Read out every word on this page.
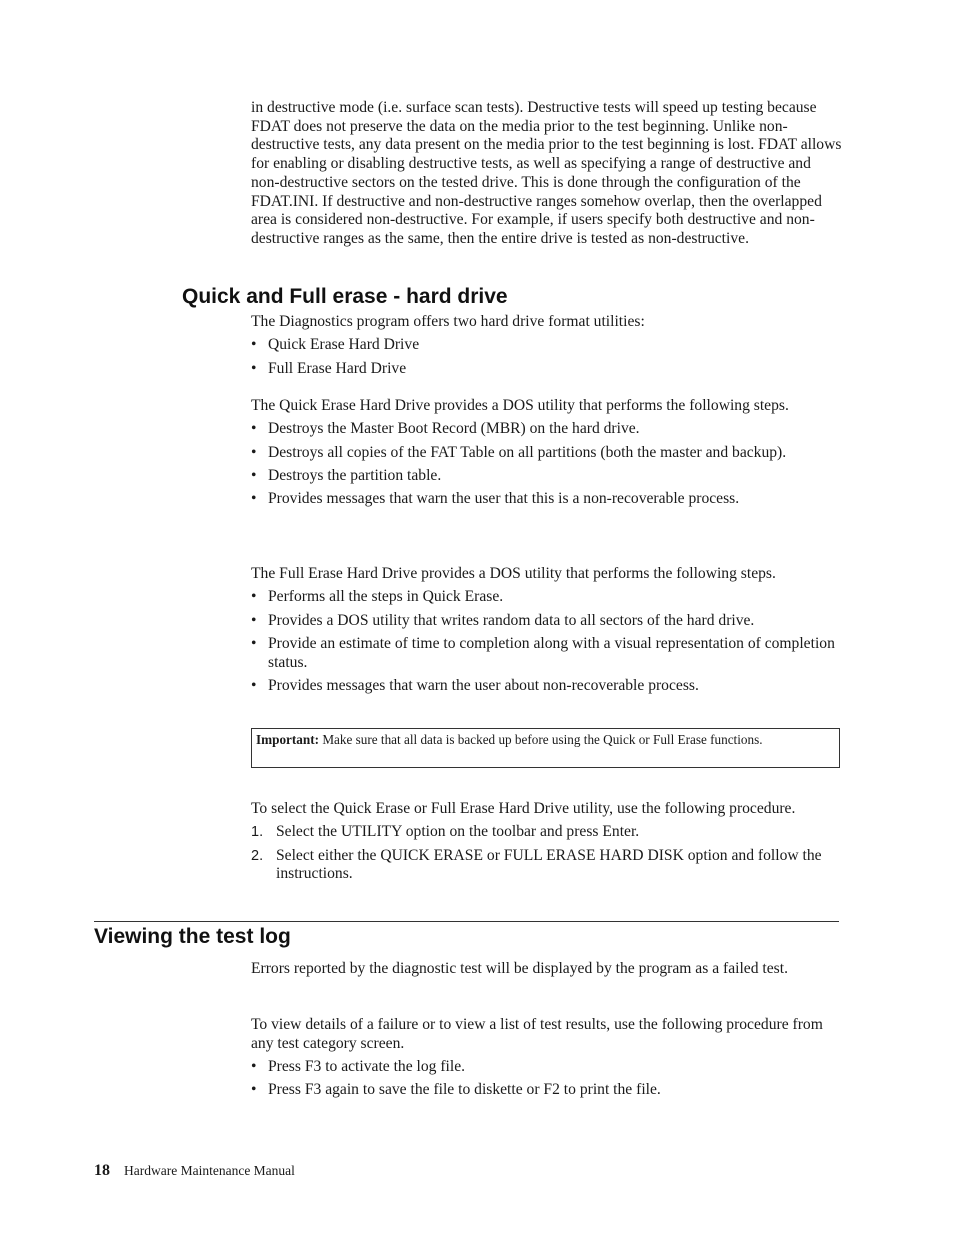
in destructive mode (i.e. surface scan tests). Destructive tests will speed up testing because FDAT does not preserve the data on the media prior to the test beginning. Unlike non-destructive tests, any data present on the media prior to the test beginning is lost. FDAT allows for enabling or disabling destructive tests, as well as specifying a range of destructive and non-destructive sectors on the tested drive. This is done through the configuration of the FDAT.INI. If destructive and non-destructive ranges somehow overlap, then the overlapped area is considered non-destructive. For example, if users specify both destructive and non-destructive ranges as the same, then the entire drive is tested as non-destructive.

Quick and Full erase - hard drive

The Diagnostics program offers two hard drive format utilities:

• Quick Erase Hard Drive
• Full Erase Hard Drive

The Quick Erase Hard Drive provides a DOS utility that performs the following steps.

• Destroys the Master Boot Record (MBR) on the hard drive.
• Destroys all copies of the FAT Table on all partitions (both the master and backup).
• Destroys the partition table.
• Provides messages that warn the user that this is a non-recoverable process.

The Full Erase Hard Drive provides a DOS utility that performs the following steps.

• Performs all the steps in Quick Erase.
• Provides a DOS utility that writes random data to all sectors of the hard drive.
• Provide an estimate of time to completion along with a visual representation of completion status.
• Provides messages that warn the user about non-recoverable process.
Important: Make sure that all data is backed up before using the Quick or Full Erase functions.

To select the Quick Erase or Full Erase Hard Drive utility, use the following procedure.

1. Select the UTILITY option on the toolbar and press Enter.
2. Select either the QUICK ERASE or FULL ERASE HARD DISK option and follow the instructions.
Viewing the test log

Errors reported by the diagnostic test will be displayed by the program as a failed test.

To view details of a failure or to view a list of test results, use the following procedure from any test category screen.

• Press F3 to activate the log file.
• Press F3 again to save the file to diskette or F2 to print the file.
18 Hardware Maintenance Manual
